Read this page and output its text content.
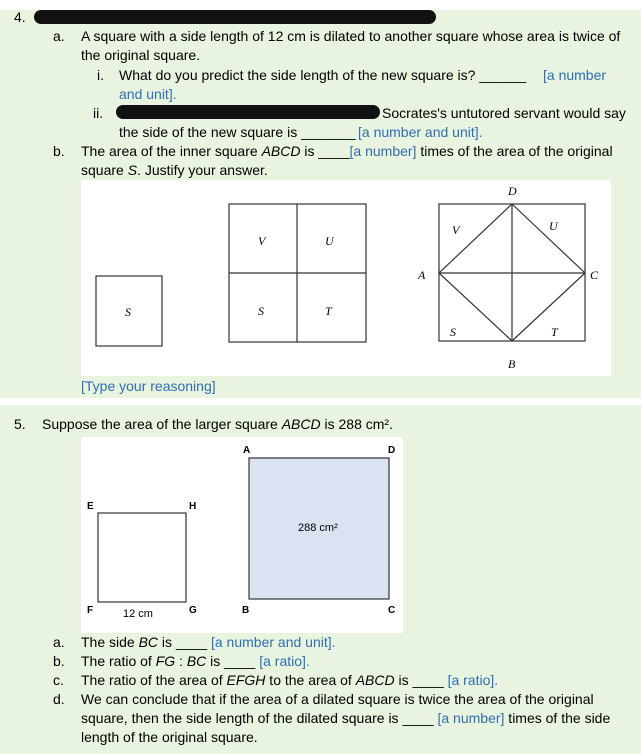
4.
a. A square with a side length of 12 cm is dilated to another square whose area is twice of
the original square.
i. What do you predict the side length of the new square is? ______ [a number
and unit].
ii.	Socrates's untutored servant would say
the side of the new square is _______ [a number and unit].
b. The area of the inner square ABCD is ____[a number] times of the area of the original
square S. Justify your answer.
S
V	U
S	T
D
A	C
B
V	U
S	T
[Type your reasoning]
5. Suppose the area of the larger square ABCD is 288 cm².
E	H
F	G
12 cm
A	D
B	C
288 cm²
a. The side BC is ____ [a number and unit].
b. The ratio of FG : BC is ____ [a ratio].
c. The ratio of the area of EFGH to the area of ABCD is ____ [a ratio].
d. We can conclude that if the area of a dilated square is twice the area of the original
square, then the side length of the dilated square is ____ [a number] times of the side
length of the original square.
